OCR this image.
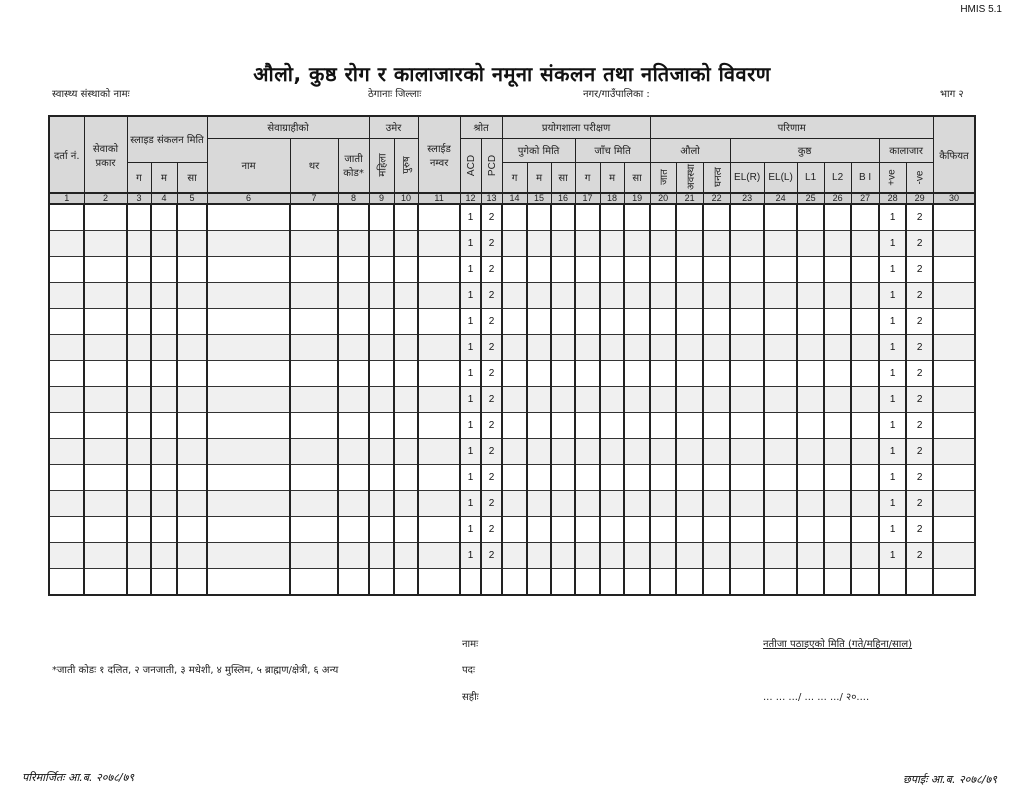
HMIS 5.1
औलो, कुष्ठ रोग र कालाजारको नमूना संकलन तथा नतिजाको विवरण
स्वास्थ्य संस्थाको नामः	ठेगानाः जिल्लाः	नगर/गाउँपालिका :	भाग २
दर्ता नं.	सेवाको प्रकार	स्लाइड संकलन मिति			सेवाग्राहीको			उमेर		स्लाईड नम्वर	श्रोत		प्रयोगशाला परीक्षण						परिणाम										कैफियत
					नाम	थर	जाती कोड*	महिला	पुरुष		ACD	PCD	पुगेको मिति			जाँच मिति			औलो			कुष्ठ					कालाजार		
		ग	म	सा									ग	म	सा	ग	म	सा	जात	अवस्था	घनत्व	EL(R)	EL(L)	L1	L2	B I	+ve	-ve	
1	2	3	4	5	6	7	8	9	10	11	12	13	14	15	16	17	18	19	20	21	22	23	24	25	26	27	28	29	30
											1	2															1	2	
											1	2															1	2	
											1	2															1	2	
											1	2															1	2	
											1	2															1	2	
											1	2															1	2	
											1	2															1	2	
											1	2															1	2	
											1	2															1	2	
											1	2															1	2	
											1	2															1	2	
											1	2															1	2	
											1	2															1	2	
											1	2															1	2	

नामः	नतीजा पठाइएको मिति (गते/महिना/साल)
*जाती कोडः १ दलित, २ जनजाती, ३ मधेशी, ४ मुस्लिम, ५ ब्राह्मण/क्षेत्री, ६ अन्य	पदः
सहीः	... ... .../ ... ... .../ २०....
परिमार्जितः आ.ब. २०७८/७९	छपाईः आ.ब. २०७८/७९
